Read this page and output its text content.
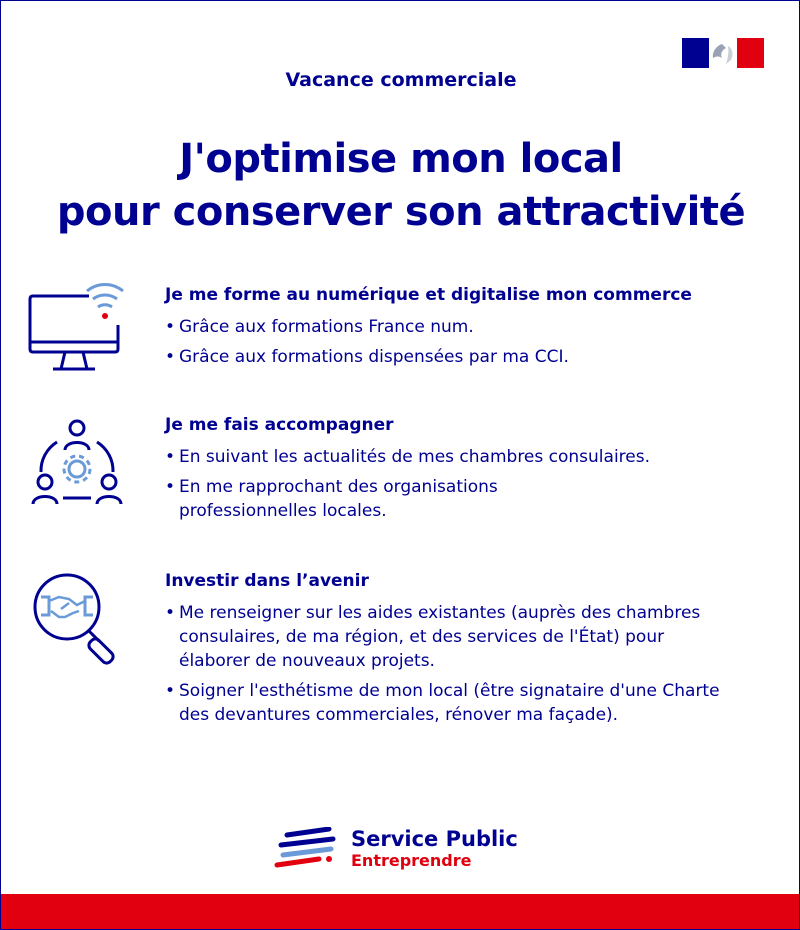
Vacance commerciale
J'optimise mon local
pour conserver son attractivité
Je me forme au numérique et digitalise mon commerce
• Grâce aux formations France num.
• Grâce aux formations dispensées par ma CCI.
Je me fais accompagner
• En suivant les actualités de mes chambres consulaires.
• En me rapprochant des organisations professionnelles locales.
Investir dans l’avenir
• Me renseigner sur les aides existantes (auprès des chambres consulaires, de ma région, et des services de l'État) pour élaborer de nouveaux projets.
• Soigner l'esthétisme de mon local (être signataire d'une Charte des devantures commerciales, rénover ma façade).
Service Public
Entreprendre
